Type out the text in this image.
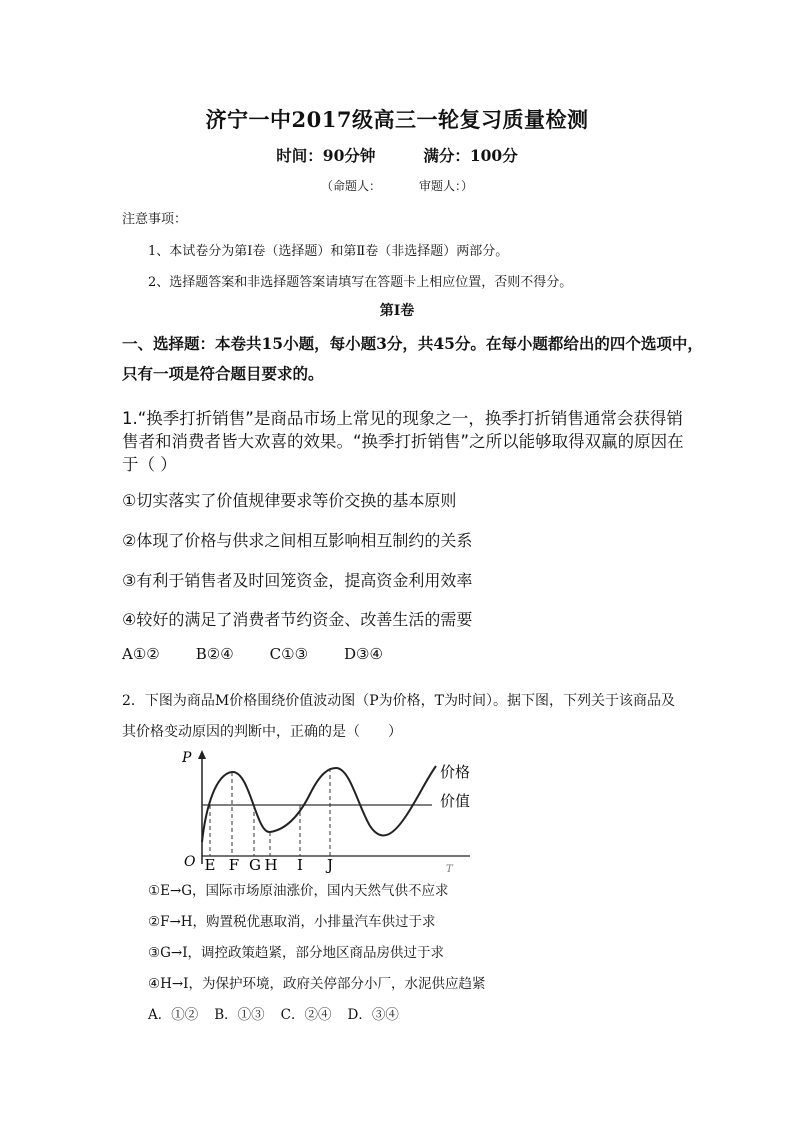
济宁一中2017级高三一轮复习质量检测
时间：90分钟	满分：100分
（命题人：	审题人：）
注意事项：
1、本试卷分为第Ⅰ卷（选择题）和第Ⅱ卷（非选择题）两部分。
2、选择题答案和非选择题答案请填写在答题卡上相应位置，否则不得分。
第Ⅰ卷
一、选择题：本卷共15小题，每小题3分，共45分。在每小题都给出的四个选项中，
只有一项是符合题目要求的。
1.“换季打折销售”是商品市场上常见的现象之一，换季打折销售通常会获得销
售者和消费者皆大欢喜的效果。“换季打折销售”之所以能够取得双赢的原因在
于（ ）
①切实落实了价值规律要求等价交换的基本原则
②体现了价格与供求之间相互影响相互制约的关系
③有利于销售者及时回笼资金，提高资金利用效率
④较好的满足了消费者节约资金、改善生活的需要
A①② B②④ C①③ D③④
2．下图为商品M价格围绕价值波动图（P为价格，T为时间）。据下图，下列关于该商品及
其价格变动原因的判断中，正确的是（　　）
P
O	T
E F G H I J
价格
价值
①E→G，国际市场原油涨价，国内天然气供不应求
②F→H，购置税优惠取消，小排量汽车供过于求
③G→I，调控政策趋紧，部分地区商品房供过于求
④H→I，为保护环境，政府关停部分小厂，水泥供应趋紧
A．①② B．①③ C．②④ D．③④
